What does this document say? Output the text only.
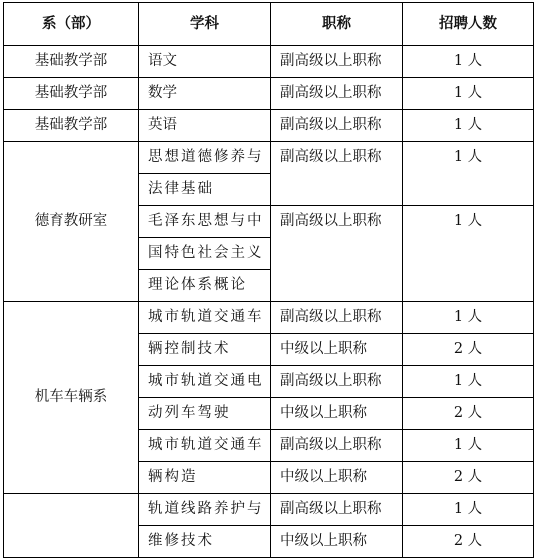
系（部）	学科	职称	招聘人数
基础教学部	语文	副高级以上职称	1 人
基础教学部	数学	副高级以上职称	1 人
基础教学部	英语	副高级以上职称	1 人
德育教研室	思想道德修养与	副高级以上职称	1 人
	法律基础		
	毛泽东思想与中	副高级以上职称	1 人
	国特色社会主义		
	理论体系概论		
机车车辆系	城市轨道交通车	副高级以上职称	1 人
	辆控制技术	中级以上职称	2 人
	城市轨道交通电	副高级以上职称	1 人
	动列车驾驶	中级以上职称	2 人
	城市轨道交通车	副高级以上职称	1 人
	辆构造	中级以上职称	2 人
	轨道线路养护与	副高级以上职称	1 人
	维修技术	中级以上职称	2 人
